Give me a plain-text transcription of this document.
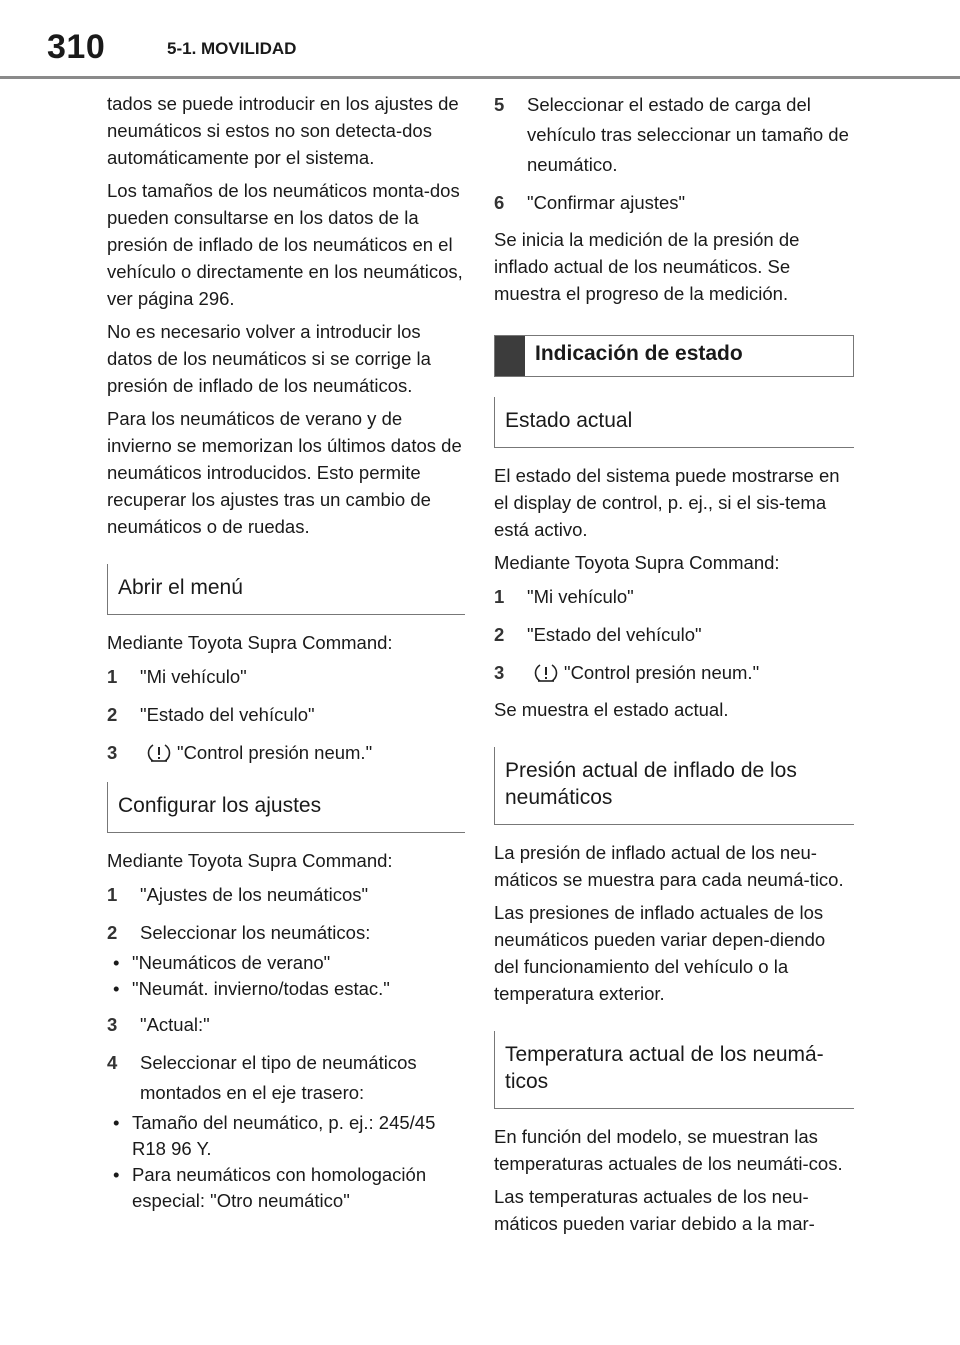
310	5-1. MOVILIDAD

tados se puede introducir en los ajustes de neumáticos si estos no son detecta-dos automáticamente por el sistema.

Los tamaños de los neumáticos monta-dos pueden consultarse en los datos de la presión de inflado de los neumáticos en el vehículo o directamente en los neumáticos, ver página 296.

No es necesario volver a introducir los datos de los neumáticos si se corrige la presión de inflado de los neumáticos.

Para los neumáticos de verano y de invierno se memorizan los últimos datos de neumáticos introducidos. Esto permite recuperar los ajustes tras un cambio de neumáticos o de ruedas.

Abrir el menú

Mediante Toyota Supra Command:

1	"Mi vehículo"
2	"Estado del vehículo"
3	"Control presión neum."
Configurar los ajustes

Mediante Toyota Supra Command:

1	"Ajustes de los neumáticos"
2	Seleccionar los neumáticos:
• "Neumáticos de verano"
• "Neumát. invierno/todas estac."
3	"Actual:"
4	Seleccionar el tipo de neumáticos montados en el eje trasero:
• Tamaño del neumático, p. ej.: 245/45 R18 96 Y.
• Para neumáticos con homologación especial: "Otro neumático"
5	Seleccionar el estado de carga del vehículo tras seleccionar un tamaño de neumático.
6	"Confirmar ajustes"

Se inicia la medición de la presión de inflado actual de los neumáticos. Se muestra el progreso de la medición.

Indicación de estado
Estado actual

El estado del sistema puede mostrarse en el display de control, p. ej., si el sis-tema está activo.

Mediante Toyota Supra Command:

1	"Mi vehículo"
2	"Estado del vehículo"
3	"Control presión neum."

Se muestra el estado actual.

Presión actual de inflado de los neumáticos

La presión de inflado actual de los neu-máticos se muestra para cada neumá-tico.

Las presiones de inflado actuales de los neumáticos pueden variar depen-diendo del funcionamiento del vehículo o la temperatura exterior.

Temperatura actual de los neumá-ticos

En función del modelo, se muestran las temperaturas actuales de los neumáti-cos.

Las temperaturas actuales de los neu-máticos pueden variar debido a la mar-
